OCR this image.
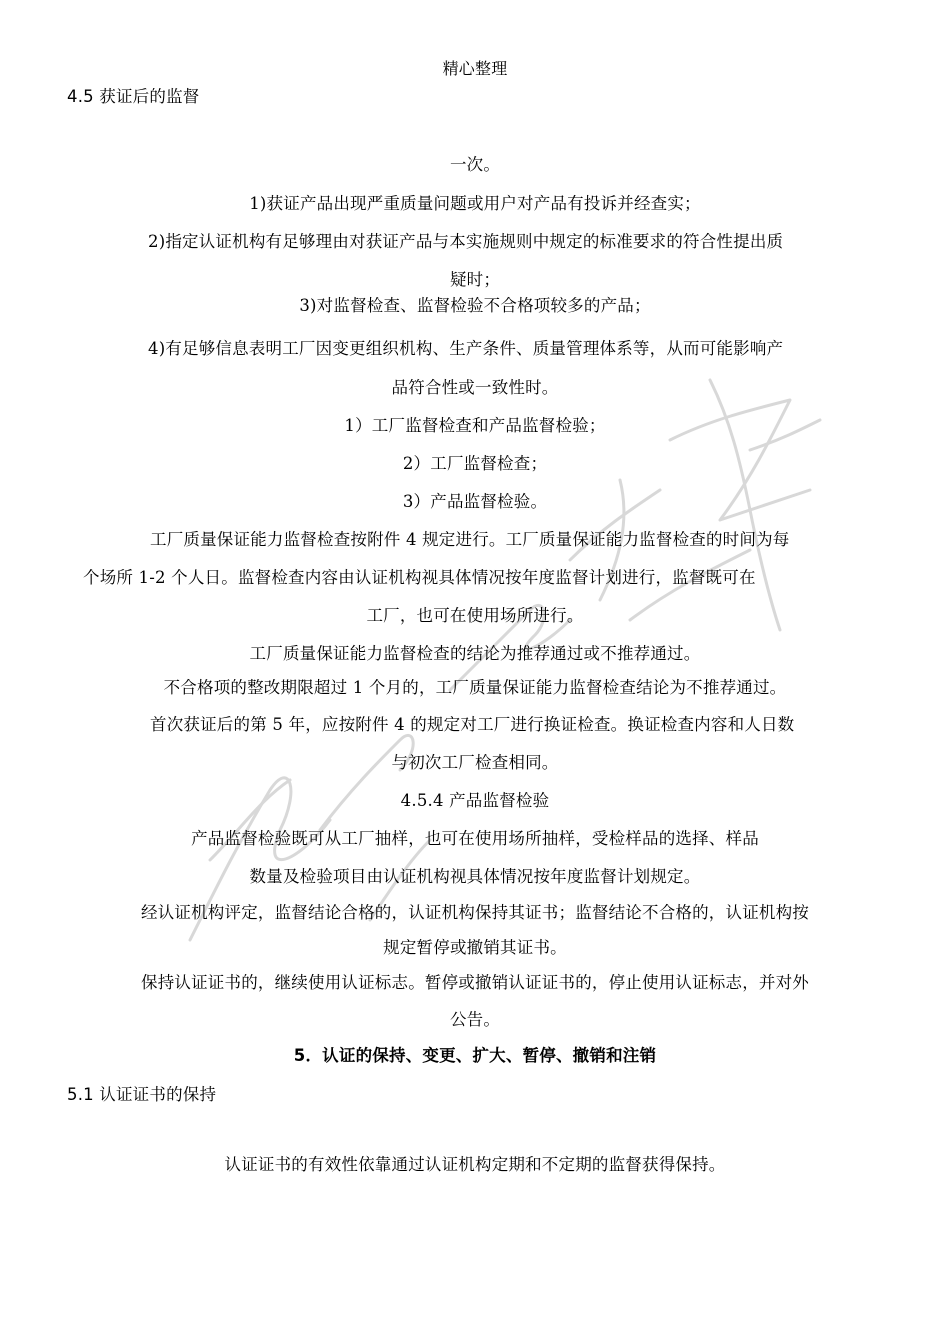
精心整理
4.5 获证后的监督
一次。
1)获证产品出现严重质量问题或用户对产品有投诉并经查实；
2)指定认证机构有足够理由对获证产品与本实施规则中规定的标准要求的符合性提出质
疑时；
3)对监督检查、监督检验不合格项较多的产品；
4)有足够信息表明工厂因变更组织机构、生产条件、质量管理体系等，从而可能影响产
品符合性或一致性时。
1）工厂监督检查和产品监督检验；
2）工厂监督检查；
3）产品监督检验。
工厂质量保证能力监督检查按附件 4 规定进行。工厂质量保证能力监督检查的时间为每
个场所 1-2 个人日。监督检查内容由认证机构视具体情况按年度监督计划进行，监督既可在
工厂，也可在使用场所进行。
工厂质量保证能力监督检查的结论为推荐通过或不推荐通过。
不合格项的整改期限超过 1 个月的，工厂质量保证能力监督检查结论为不推荐通过。
首次获证后的第 5 年，应按附件 4 的规定对工厂进行换证检查。换证检查内容和人日数
与初次工厂检查相同。
4.5.4 产品监督检验
产品监督检验既可从工厂抽样，也可在使用场所抽样，受检样品的选择、样品
数量及检验项目由认证机构视具体情况按年度监督计划规定。
经认证机构评定，监督结论合格的，认证机构保持其证书；监督结论不合格的，认证机构按
规定暂停或撤销其证书。
保持认证证书的，继续使用认证标志。暂停或撤销认证证书的，停止使用认证标志，并对外
公告。
5．认证的保持、变更、扩大、暂停、撤销和注销
5.1 认证证书的保持
认证证书的有效性依靠通过认证机构定期和不定期的监督获得保持。
